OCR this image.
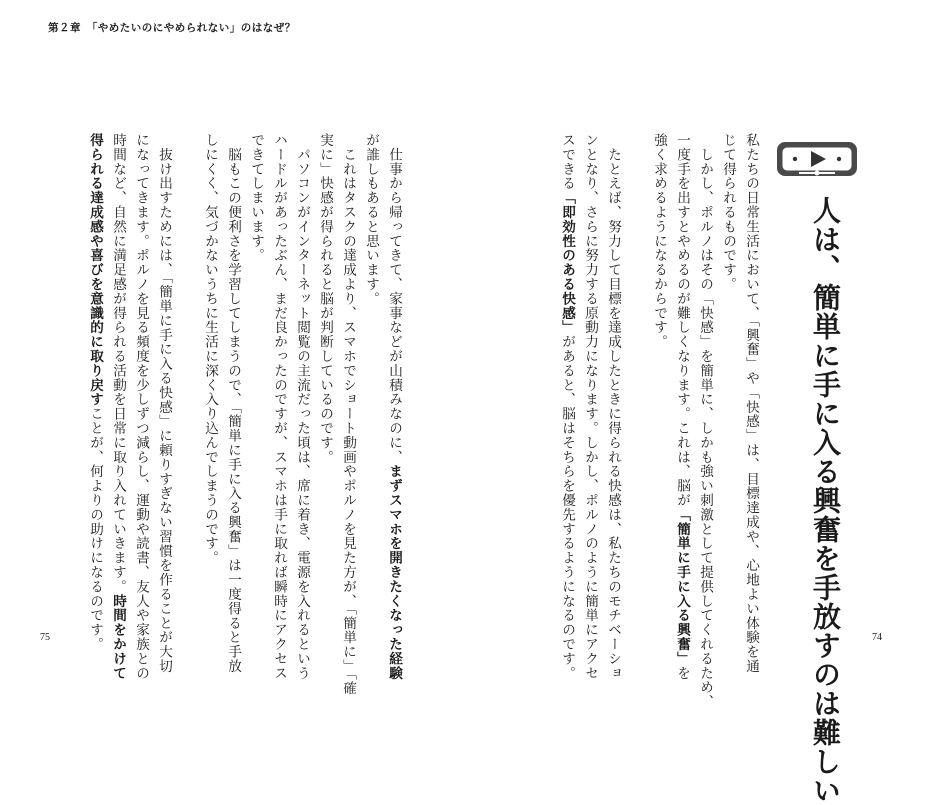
第２章　「やめたいのにやめられない」のはなぜ？
人は、簡単に手に入る興奮を手放すのは難しい
私たちの日常生活において、「興奮」や「快感」は、目標達成や、心地よい体験を通
じて得られるものです。
　しかし、ポルノはその「快感」を簡単に、しかも強い刺激として提供してくれるため、
一度手を出すとやめるのが難しくなります。これは、脳が「簡単に手に入る興奮」を
強く求めるようになるからです。

　たとえば、努力して目標を達成したときに得られる快感は、私たちのモチベーショ
ンとなり、さらに努力する原動力になります。しかし、ポルノのように簡単にアクセ
スできる「即効性のある快感」があると、脳はそちらを優先するようになるのです。
　仕事から帰ってきて、家事などが山積みなのに、まずスマホを開きたくなった経験
が誰しもあると思います。
　これはタスクの達成より、スマホでショート動画やポルノを見た方が、「簡単に」「確
実に」快感が得られると脳が判断しているのです。
　パソコンがインターネット閲覧の主流だった頃は、席に着き、電源を入れるという
ハードルがあったぶん、まだ良かったのですが、スマホは手に取れば瞬時にアクセス
できてしまいます。
　脳もこの便利さを学習してしまうので、「簡単に手に入る興奮」は一度得ると手放
しにくく、気づかないうちに生活に深く入り込んでしまうのです。

　抜け出すためには、「簡単に手に入る快感」に頼りすぎない習慣を作ることが大切
になってきます。ポルノを見る頻度を少しずつ減らし、運動や読書、友人や家族との
時間など、自然に満足感が得られる活動を日常に取り入れていきます。時間をかけて
得られる達成感や喜びを意識的に取り戻すことが、何よりの助けになるのです。
75	74
